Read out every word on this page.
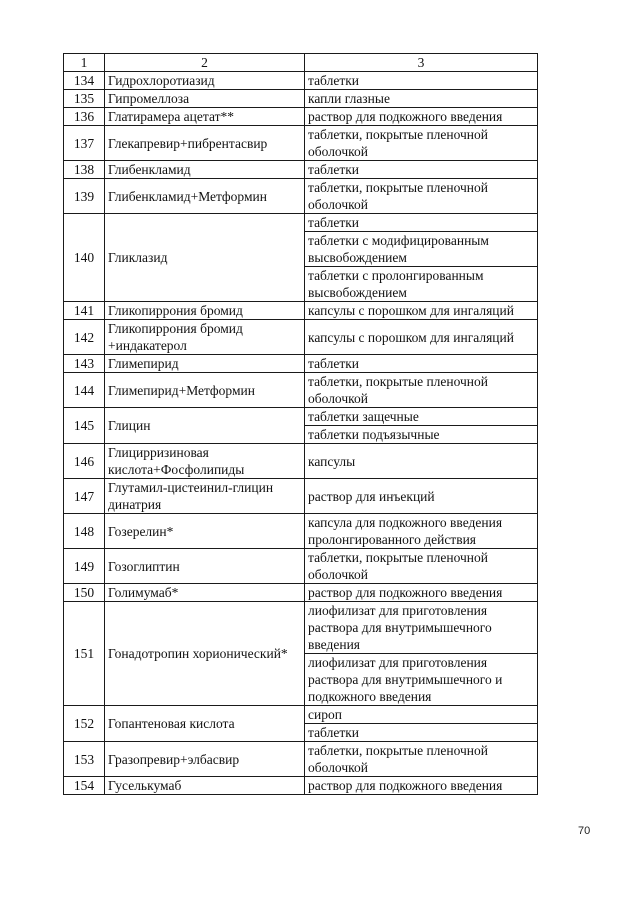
1	2	3
134	Гидрохлоротиазид	таблетки
135	Гипромеллоза	капли глазные
136	Глатирамера ацетат**	раствор для подкожного введения
137	Глекапревир+пибрентасвир	таблетки, покрытые пленочной оболочкой
138	Глибенкламид	таблетки
139	Глибенкламид+Метформин	таблетки, покрытые пленочной оболочкой
140	Гликлазид	таблетки
		таблетки с модифицированным высвобождением
		таблетки с пролонгированным высвобождением
141	Гликопиррония бромид	капсулы с порошком для ингаляций
142	Гликопиррония бромид +индакатерол	капсулы с порошком для ингаляций
143	Глимепирид	таблетки
144	Глимепирид+Метформин	таблетки, покрытые пленочной оболочкой
145	Глицин	таблетки защечные
		таблетки подъязычные
146	Глицирризиновая кислота+Фосфолипиды	капсулы
147	Глутамил-цистеинил-глицин динатрия	раствор для инъекций
148	Гозерелин*	капсула для подкожного введения пролонгированного действия
149	Гозоглиптин	таблетки, покрытые пленочной оболочкой
150	Голимумаб*	раствор для подкожного введения
151	Гонадотропин хорионический*	лиофилизат для приготовления раствора для внутримышечного введения
		лиофилизат для приготовления раствора для внутримышечного и подкожного введения
152	Гопантеновая кислота	сироп
		таблетки
153	Гразопревир+элбасвир	таблетки, покрытые пленочной оболочкой
154	Гуселькумаб	раствор для подкожного введения
70
